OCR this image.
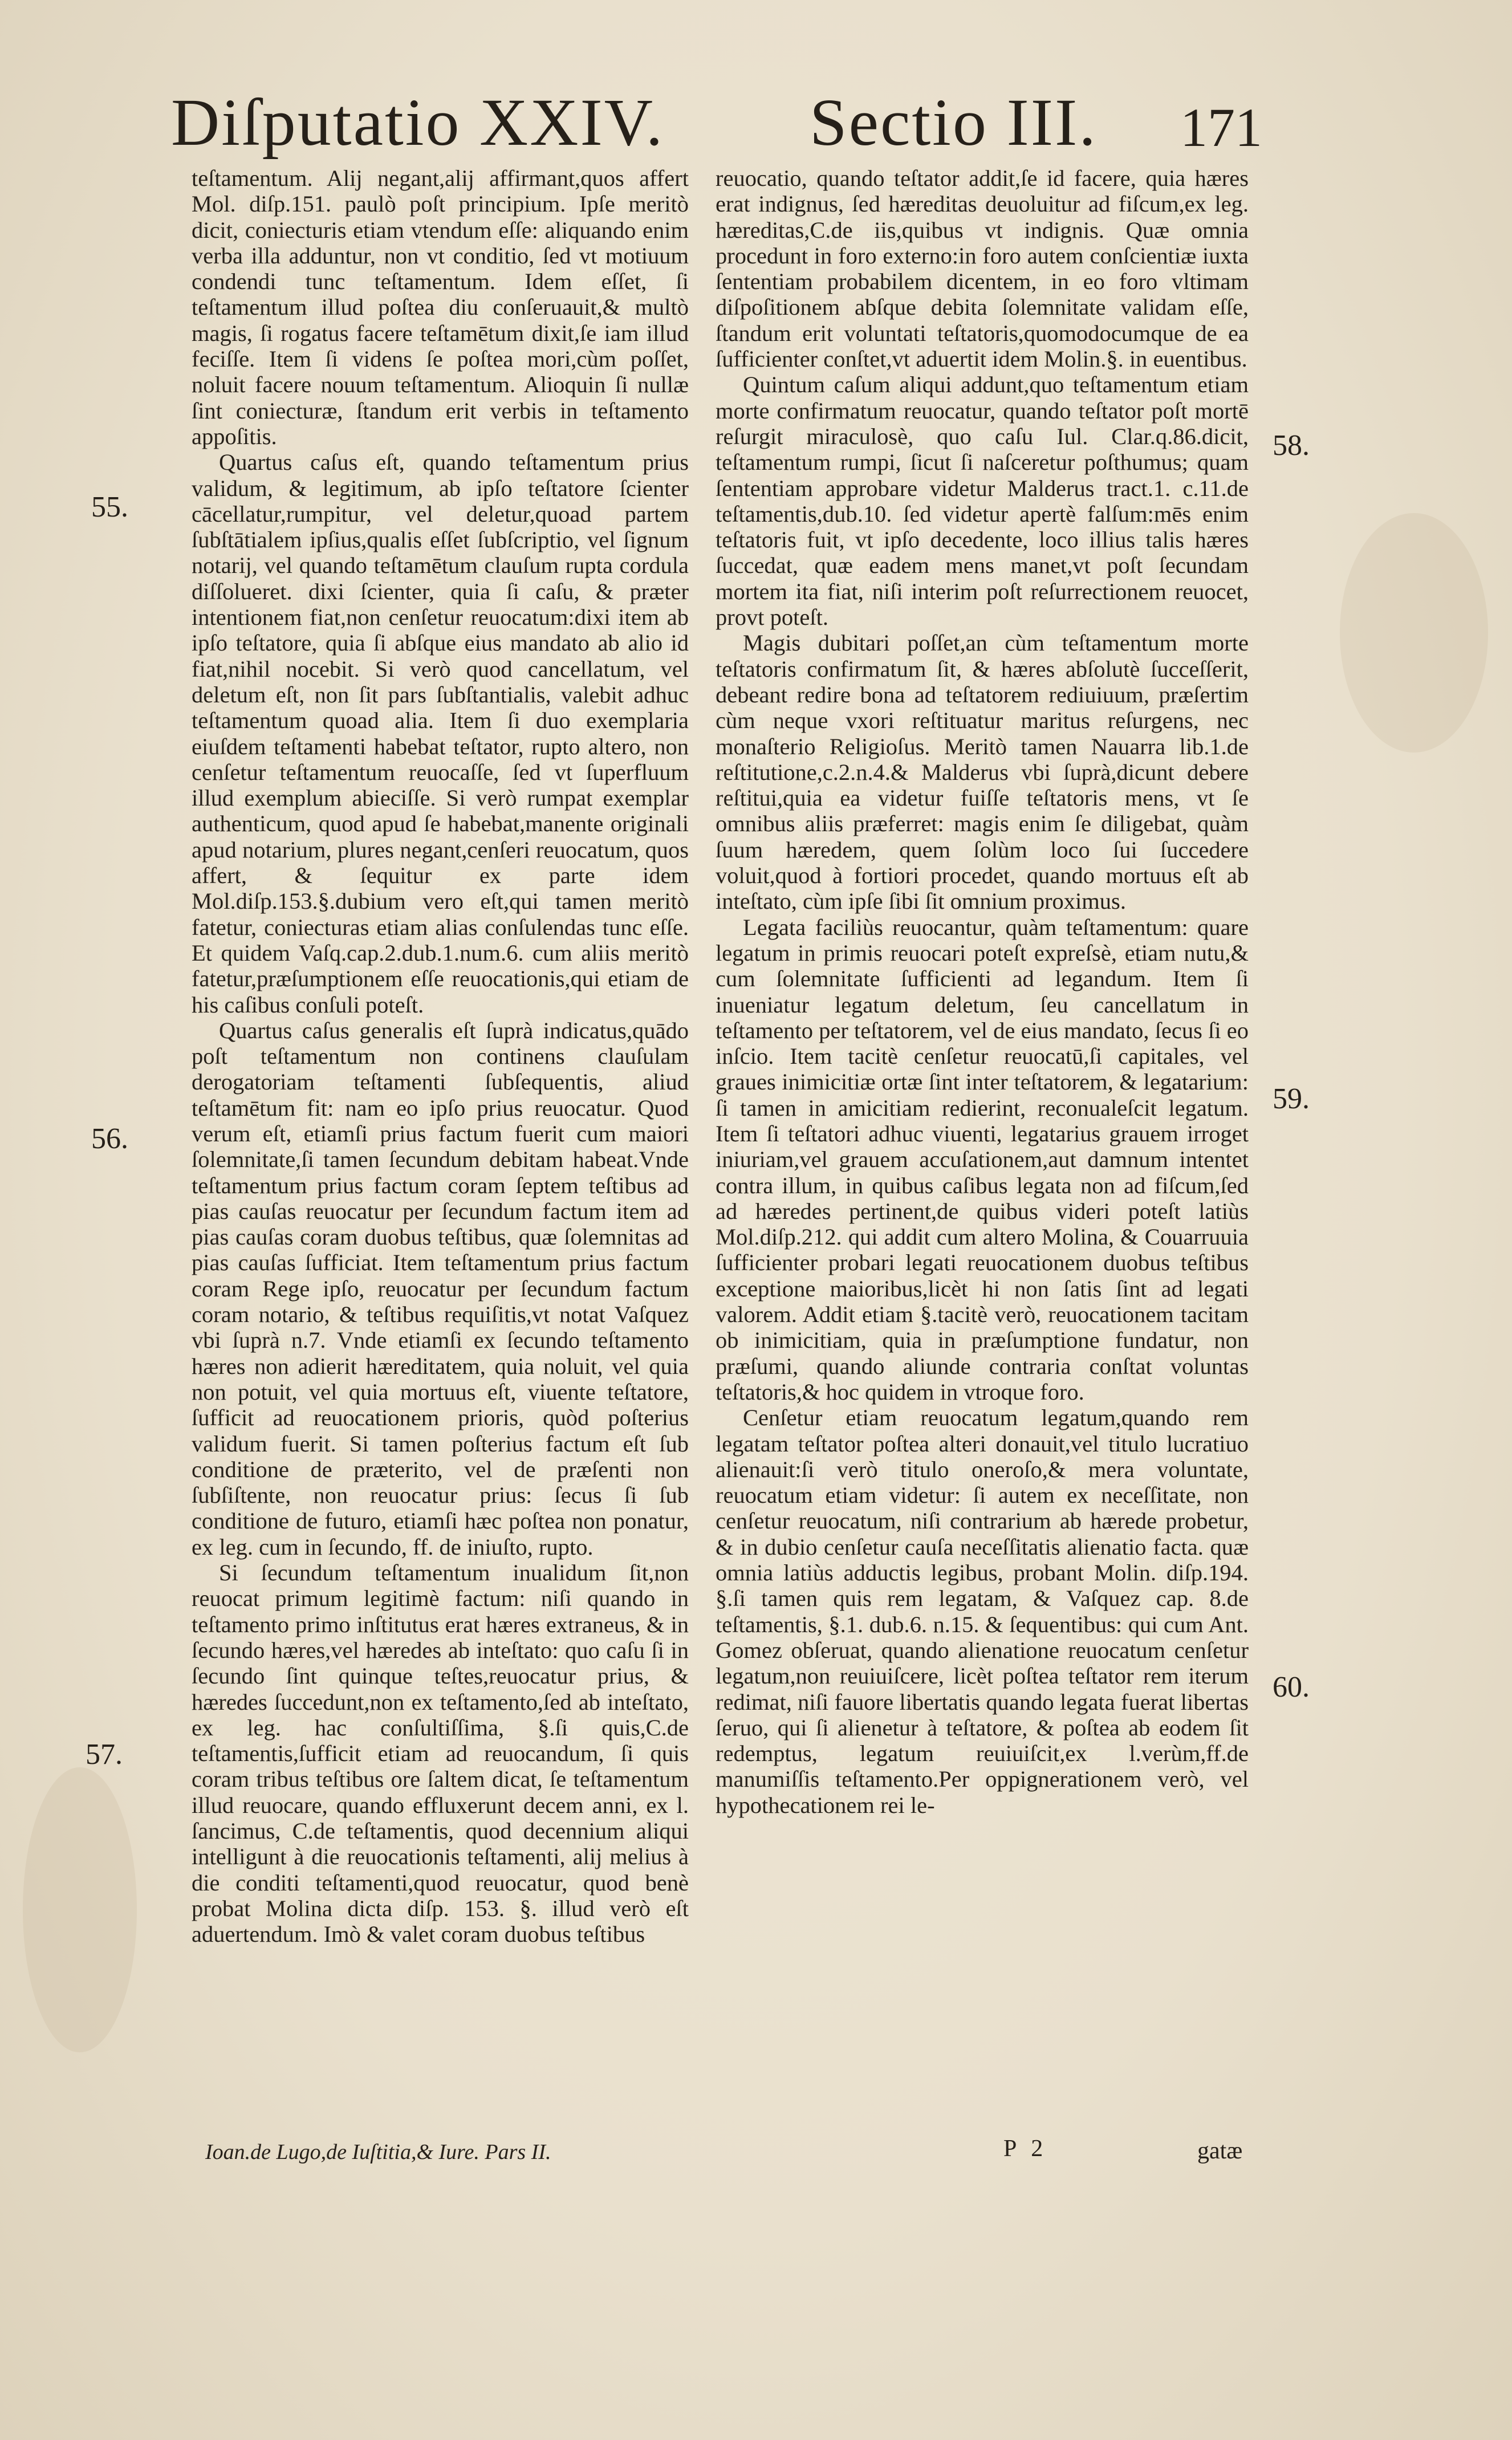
Diſputatio XXIV. Sectio III. 171
55.
56.
57.
58.
59.
60.

teſtamentum. Alij negant,alij affirmant,quos affert Mol. diſp.151. paulò poſt principium. Ipſe meritò dicit, coniecturis etiam vtendum eſſe: aliquando enim verba illa adduntur, non vt conditio, ſed vt motiuum condendi tunc teſtamentum. Idem eſſet, ſi teſtamentum illud poſtea diu conſeruauit,& multò magis, ſi rogatus facere teſtamētum dixit,ſe iam illud feciſſe. Item ſi videns ſe poſtea mori,cùm poſſet, noluit facere nouum teſtamentum. Alioquin ſi nullæ ſint coniecturæ, ſtandum erit verbis in teſtamento appoſitis.

Quartus caſus eſt, quando teſtamentum prius validum, & legitimum, ab ipſo teſtatore ſcienter cācellatur,rumpitur, vel deletur,quoad partem ſubſtātialem ipſius,qualis eſſet ſubſcriptio, vel ſignum notarij, vel quando teſtamētum clauſum rupta cordula diſſolueret. dixi ſcienter, quia ſi caſu, & præter intentionem fiat,non cenſetur reuocatum:dixi item ab ipſo teſtatore, quia ſi abſque eius mandato ab alio id fiat,nihil nocebit. Si verò quod cancellatum, vel deletum eſt, non ſit pars ſubſtantialis, valebit adhuc teſtamentum quoad alia. Item ſi duo exemplaria eiuſdem teſtamenti habebat teſtator, rupto altero, non cenſetur teſtamentum reuocaſſe, ſed vt ſuperfluum illud exemplum abieciſſe. Si verò rumpat exemplar authenticum, quod apud ſe habebat,manente originali apud notarium, plures negant,cenſeri reuocatum, quos affert, & ſequitur ex parte idem Mol.diſp.153.§.dubium vero eſt,qui tamen meritò fatetur, coniecturas etiam alias conſulendas tunc eſſe. Et quidem Vaſq.cap.2.dub.1.num.6. cum aliis meritò fatetur,præſumptionem eſſe reuocationis,qui etiam de his caſibus conſuli poteſt.

Quartus caſus generalis eſt ſuprà indicatus,quādo poſt teſtamentum non continens clauſulam derogatoriam teſtamenti ſubſequentis, aliud teſtamētum fit: nam eo ipſo prius reuocatur. Quod verum eſt, etiamſi prius factum fuerit cum maiori ſolemnitate,ſi tamen ſecundum debitam habeat.Vnde teſtamentum prius factum coram ſeptem teſtibus ad pias cauſas reuocatur per ſecundum factum item ad pias cauſas coram duobus teſtibus, quæ ſolemnitas ad pias cauſas ſufficiat. Item teſtamentum prius factum coram Rege ipſo, reuocatur per ſecundum factum coram notario, & teſtibus requiſitis,vt notat Vaſquez vbi ſuprà n.7. Vnde etiamſi ex ſecundo teſtamento hæres non adierit hæreditatem, quia noluit, vel quia non potuit, vel quia mortuus eſt, viuente teſtatore, ſufficit ad reuocationem prioris, quòd poſterius validum fuerit. Si tamen poſterius factum eſt ſub conditione de præterito, vel de præſenti non ſubſiſtente, non reuocatur prius: ſecus ſi ſub conditione de futuro, etiamſi hæc poſtea non ponatur, ex leg. cum in ſecundo, ff. de iniuſto, rupto.

Si ſecundum teſtamentum inualidum ſit,non reuocat primum legitimè factum: niſi quando in teſtamento primo inſtitutus erat hæres extraneus, & in ſecundo hæres,vel hæredes ab inteſtato: quo caſu ſi in ſecundo ſint quinque teſtes,reuocatur prius, & hæredes ſuccedunt,non ex teſtamento,ſed ab inteſtato, ex leg. hac conſultiſſima, §.ſi quis,C.de teſtamentis,ſufficit etiam ad reuocandum, ſi quis coram tribus teſtibus ore ſaltem dicat, ſe teſtamentum illud reuocare, quando effluxerunt decem anni, ex l. ſancimus, C.de teſtamentis, quod decennium aliqui intelligunt à die reuocationis teſtamenti, alij melius à die conditi teſtamenti,quod reuocatur, quod benè probat Molina dicta diſp. 153. §. illud verò eſt aduertendum. Imò & valet coram duobus teſtibus

reuocatio, quando teſtator addit,ſe id facere, quia hæres erat indignus, ſed hæreditas deuoluitur ad fiſcum,ex leg. hæreditas,C.de iis,quibus vt indignis. Quæ omnia procedunt in foro externo:in foro autem conſcientiæ iuxta ſententiam probabilem dicentem, in eo foro vltimam diſpoſitionem abſque debita ſolemnitate validam eſſe, ſtandum erit voluntati teſtatoris,quomodocumque de ea ſufficienter conſtet,vt aduertit idem Molin.§. in euentibus.

Quintum caſum aliqui addunt,quo teſtamentum etiam morte confirmatum reuocatur, quando teſtator poſt mortē reſurgit miraculosè, quo caſu Iul. Clar.q.86.dicit, teſtamentum rumpi, ſicut ſi naſceretur poſthumus; quam ſententiam approbare videtur Malderus tract.1. c.11.de teſtamentis,dub.10. ſed videtur apertè falſum:mēs enim teſtatoris fuit, vt ipſo decedente, loco illius talis hæres ſuccedat, quæ eadem mens manet,vt poſt ſecundam mortem ita fiat, niſi interim poſt reſurrectionem reuocet, provt poteſt.

Magis dubitari poſſet,an cùm teſtamentum morte teſtatoris confirmatum ſit, & hæres abſolutè ſucceſſerit, debeant redire bona ad teſtatorem rediuiuum, præſertim cùm neque vxori reſtituatur maritus reſurgens, nec monaſterio Religioſus. Meritò tamen Nauarra lib.1.de reſtitutione,c.2.n.4.& Malderus vbi ſuprà,dicunt debere reſtitui,quia ea videtur fuiſſe teſtatoris mens, vt ſe omnibus aliis præferret: magis enim ſe diligebat, quàm ſuum hæredem, quem ſolùm loco ſui ſuccedere voluit,quod à fortiori procedet, quando mortuus eſt ab inteſtato, cùm ipſe ſibi ſit omnium proximus.

Legata faciliùs reuocantur, quàm teſtamentum: quare legatum in primis reuocari poteſt expreſsè, etiam nutu,& cum ſolemnitate ſufficienti ad legandum. Item ſi inueniatur legatum deletum, ſeu cancellatum in teſtamento per teſtatorem, vel de eius mandato, ſecus ſi eo inſcio. Item tacitè cenſetur reuocatū,ſi capitales, vel graues inimicitiæ ortæ ſint inter teſtatorem, & legatarium: ſi tamen in amicitiam redierint, reconualeſcit legatum. Item ſi teſtatori adhuc viuenti, legatarius grauem irroget iniuriam,vel grauem accuſationem,aut damnum intentet contra illum, in quibus caſibus legata non ad fiſcum,ſed ad hæredes pertinent,de quibus videri poteſt latiùs Mol.diſp.212. qui addit cum altero Molina, & Couarruuia ſufficienter probari legati reuocationem duobus teſtibus exceptione maioribus,licèt hi non ſatis ſint ad legati valorem. Addit etiam §.tacitè verò, reuocationem tacitam ob inimicitiam, quia in præſumptione fundatur, non præſumi, quando aliunde contraria conſtat voluntas teſtatoris,& hoc quidem in vtroque foro.

Cenſetur etiam reuocatum legatum,quando rem legatam teſtator poſtea alteri donauit,vel titulo lucratiuo alienauit:ſi verò titulo oneroſo,& mera voluntate, reuocatum etiam videtur: ſi autem ex neceſſitate, non cenſetur reuocatum, niſi contrarium ab hærede probetur, & in dubio cenſetur cauſa neceſſitatis alienatio facta. quæ omnia latiùs adductis legibus, probant Molin. diſp.194. §.ſi tamen quis rem legatam, & Vaſquez cap. 8.de teſtamentis, §.1. dub.6. n.15. & ſequentibus: qui cum Ant. Gomez obſeruat, quando alienatione reuocatum cenſetur legatum,non reuiuiſcere, licèt poſtea teſtator rem iterum redimat, niſi fauore libertatis quando legata fuerat libertas ſeruo, qui ſi alienetur à teſtatore, & poſtea ab eodem ſit redemptus, legatum reuiuiſcit,ex l.verùm,ff.de manumiſſis teſtamento.Per oppignerationem verò, vel hypothecationem rei le-

Ioan.de Lugo,de Iuſtitia,& Iure. Pars II.	P 2	gatæ
